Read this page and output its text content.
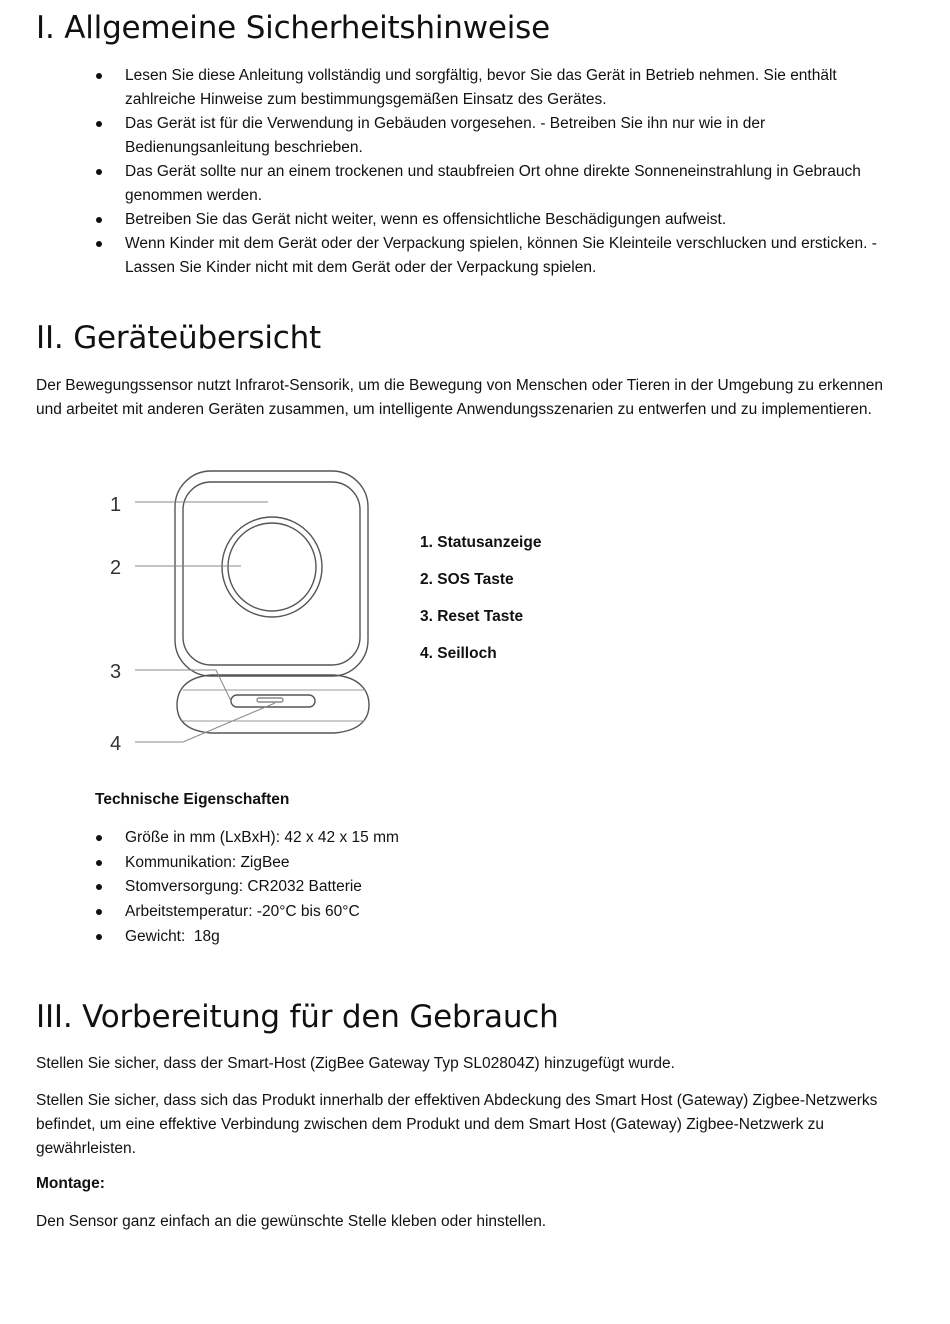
I. Allgemeine Sicherheitshinweise
Lesen Sie diese Anleitung vollständig und sorgfältig, bevor Sie das Gerät in Betrieb nehmen. Sie enthält zahlreiche Hinweise zum bestimmungsgemäßen Einsatz des Gerätes.
Das Gerät ist für die Verwendung in Gebäuden vorgesehen. - Betreiben Sie ihn nur wie in der Bedienungsanleitung beschrieben.
Das Gerät sollte nur an einem trockenen und staubfreien Ort ohne direkte Sonneneinstrahlung in Gebrauch genommen werden.
Betreiben Sie das Gerät nicht weiter, wenn es offensichtliche Beschädigungen aufweist.
Wenn Kinder mit dem Gerät oder der Verpackung spielen, können Sie Kleinteile verschlucken und ersticken. - Lassen Sie Kinder nicht mit dem Gerät oder der Verpackung spielen.
II. Geräteübersicht

Der Bewegungssensor nutzt Infrarot-Sensorik, um die Bewegung von Menschen oder Tieren in der Umgebung zu erkennen und arbeitet mit anderen Geräten zusammen, um intelligente Anwendungsszenarien zu entwerfen und zu implementieren.

1
2
3
4
1. Statusanzeige
2. SOS Taste
3. Reset Taste
4. Seilloch
Technische Eigenschaften
Größe in mm (LxBxH): 42 x 42 x 15 mm
Kommunikation: ZigBee
Stomversorgung: CR2032 Batterie
Arbeitstemperatur: -20°C bis 60°C
Gewicht:  18g
III. Vorbereitung für den Gebrauch

Stellen Sie sicher, dass der Smart-Host (ZigBee Gateway Typ SL02804Z) hinzugefügt wurde.

Stellen Sie sicher, dass sich das Produkt innerhalb der effektiven Abdeckung des Smart Host (Gateway) Zigbee-Netzwerks befindet, um eine effektive Verbindung zwischen dem Produkt und dem Smart Host (Gateway) Zigbee-Netzwerk zu gewährleisten.

Montage:

Den Sensor ganz einfach an die gewünschte Stelle kleben oder hinstellen.
